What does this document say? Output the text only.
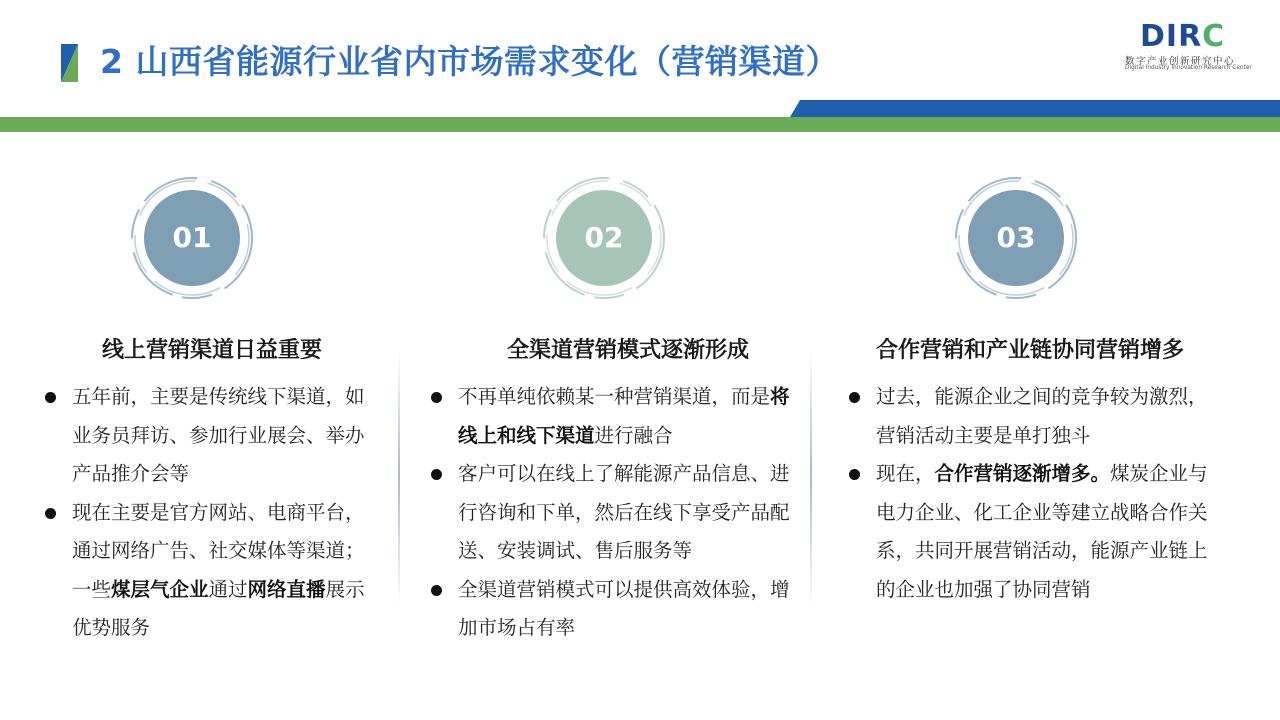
2 山西省能源行业省内市场需求变化（营销渠道）
DIRC
数字产业创新研究中心
Digital Industry Innovation Research Center
01	02	03
线上营销渠道日益重要	全渠道营销模式逐渐形成	合作营销和产业链协同营销增多
五年前，主要是传统线下渠道，如业务员拜访、参加行业展会、举办产品推介会等
现在主要是官方网站、电商平台，通过网络广告、社交媒体等渠道；一些煤层气企业通过网络直播展示优势服务
不再单纯依赖某一种营销渠道，而是将线上和线下渠道进行融合
客户可以在线上了解能源产品信息、进行咨询和下单，然后在线下享受产品配送、安装调试、售后服务等
全渠道营销模式可以提供高效体验，增加市场占有率
过去，能源企业之间的竞争较为激烈，营销活动主要是单打独斗
现在，合作营销逐渐增多。煤炭企业与电力企业、化工企业等建立战略合作关系，共同开展营销活动，能源产业链上的企业也加强了协同营销
